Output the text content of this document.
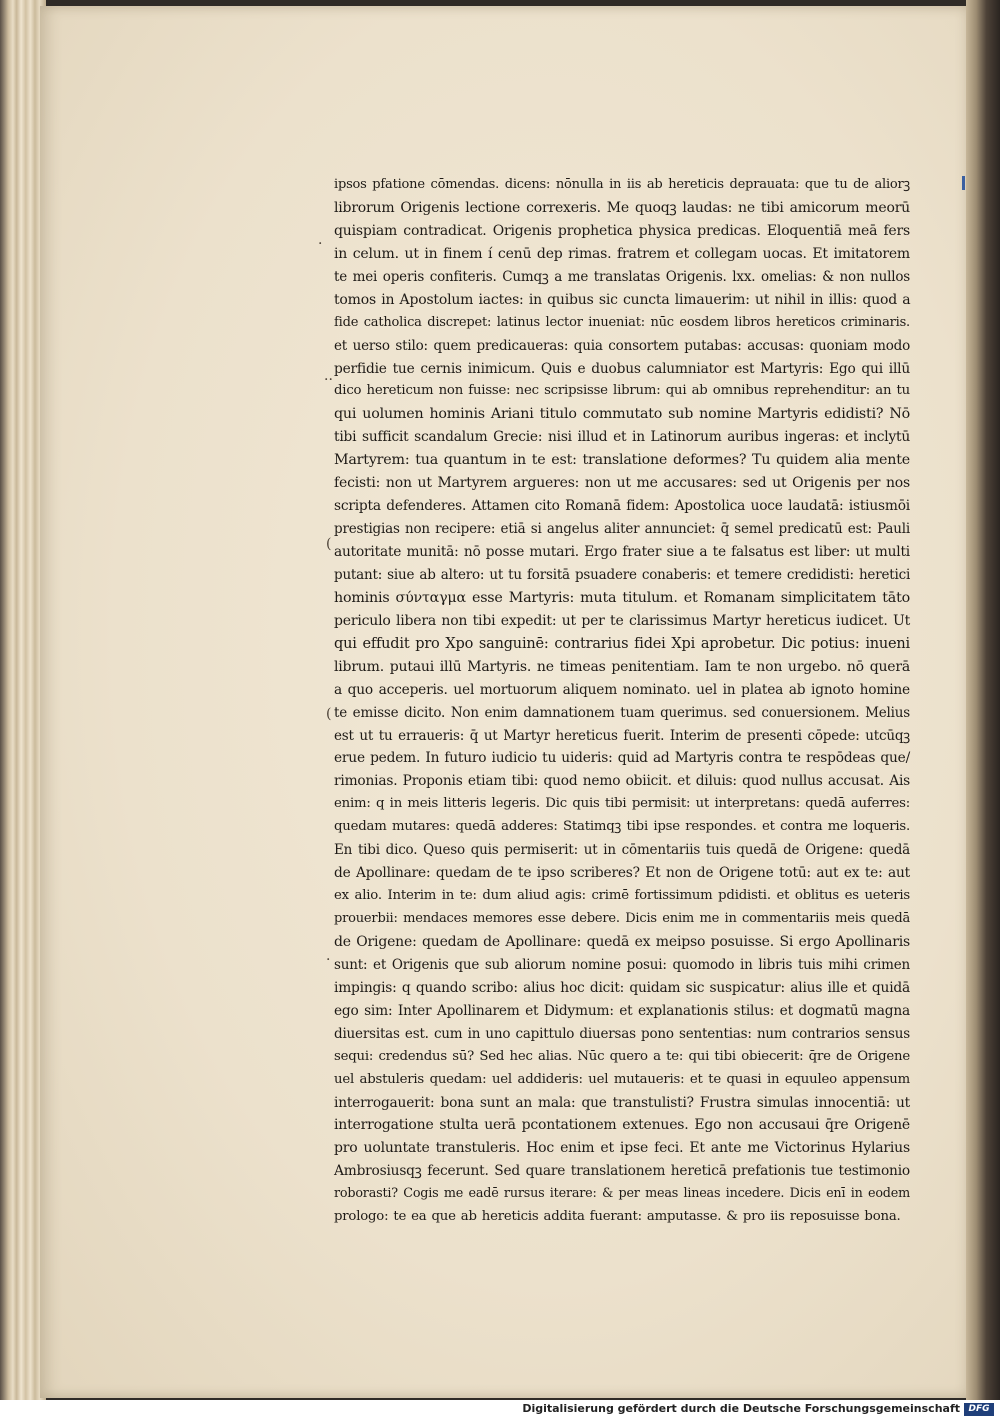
·
··
(
(
·
ipsos pfatione cōmendas. dicens: nōnulla in iis ab hereticis deprauata: que tu de aliorꝫ
librorum Origenis lectione correxeris. Me quoqꝫ laudas: ne tibi amicorum meorū
quispiam contradicat. Origenis prophetica physica predicas. Eloquentiā meā fers
in celum. ut in finem í cenū dep rimas. fratrem et collegam uocas. Et imitatorem
te mei operis confiteris. Cumqꝫ a me translatas Origenis. lxx. omelias: & non nullos
tomos in Apostolum iactes: in quibus sic cuncta limauerim: ut nihil in illis: quod a
fide catholica discrepet: latinus lector inueniat: nūc eosdem libros hereticos criminaris.
et uerso stilo: quem predicaueras: quia consortem putabas: accusas: quoniam modo
perfidie tue cernis inimicum. Quis e duobus calumniator est Martyris: Ego qui illū
dico hereticum non fuisse: nec scripsisse librum: qui ab omnibus reprehenditur: an tu
qui uolumen hominis Ariani titulo commutato sub nomine Martyris edidisti? Nō
tibi sufficit scandalum Grecie: nisi illud et in Latinorum auribus ingeras: et inclytū
Martyrem: tua quantum in te est: translatione deformes? Tu quidem alia mente
fecisti: non ut Martyrem argueres: non ut me accusares: sed ut Origenis per nos
scripta defenderes. Attamen cito Romanā fidem: Apostolica uoce laudatā: istiusmōi
prestigias non recipere: etiā si angelus aliter annunciet: q̄ semel predicatū est: Pauli
autoritate munitā: nō posse mutari. Ergo frater siue a te falsatus est liber: ut multi
putant: siue ab altero: ut tu forsitā psuadere conaberis: et temere credidisti: heretici
hominis σύνταγμα esse Martyris: muta titulum. et Romanam simplicitatem tāto
periculo libera non tibi expedit: ut per te clarissimus Martyr hereticus iudicet. Ut
qui effudit pro Xpo sanguinē: contrarius fidei Xpi aprobetur. Dic potius: inueni
librum. putaui illū Martyris. ne timeas penitentiam. Iam te non urgebo. nō querā
a quo acceperis. uel mortuorum aliquem nominato. uel in platea ab ignoto homine
te emisse dicito. Non enim damnationem tuam querimus. sed conuersionem. Melius
est ut tu erraueris: q̄ ut Martyr hereticus fuerit. Interim de presenti cōpede: utcūqꝫ
erue pedem. In futuro iudicio tu uideris: quid ad Martyris contra te respōdeas que/
rimonias. Proponis etiam tibi: quod nemo obiicit. et diluis: quod nullus accusat. Ais
enim: q in meis litteris legeris. Dic quis tibi permisit: ut interpretans: quedā auferres:
quedam mutares: quedā adderes: Statimqꝫ tibi ipse respondes. et contra me loqueris.
En tibi dico. Queso quis permiserit: ut in cōmentariis tuis quedā de Origene: quedā
de Apollinare: quedam de te ipso scriberes? Et non de Origene totū: aut ex te: aut
ex alio. Interim in te: dum aliud agis: crimē fortissimum pdidisti. et oblitus es ueteris
prouerbii: mendaces memores esse debere. Dicis enim me in commentariis meis quedā
de Origene: quedam de Apollinare: quedā ex meipso posuisse. Si ergo Apollinaris
sunt: et Origenis que sub aliorum nomine posui: quomodo in libris tuis mihi crimen
impingis: q quando scribo: alius hoc dicit: quidam sic suspicatur: alius ille et quidā
ego sim: Inter Apollinarem et Didymum: et explanationis stilus: et dogmatū magna
diuersitas est. cum in uno capittulo diuersas pono sententias: num contrarios sensus
sequi: credendus sū? Sed hec alias. Nūc quero a te: qui tibi obiecerit: q̄re de Origene
uel abstuleris quedam: uel addideris: uel mutaueris: et te quasi in equuleo appensum
interrogauerit: bona sunt an mala: que transtulisti? Frustra simulas innocentiā: ut
interrogatione stulta uerā pcontationem extenues. Ego non accusaui q̄re Origenē
pro uoluntate transtuleris. Hoc enim et ipse feci. Et ante me Victorinus Hylarius
Ambrosiusqꝫ fecerunt. Sed quare translationem hereticā prefationis tue testimonio
roborasti? Cogis me eadē rursus iterare: & per meas lineas incedere. Dicis enī in eodem
prologo: te ea que ab hereticis addita fuerant: amputasse. & pro iis reposuisse bona.
Digitalisierung gefördert durch die Deutsche Forschungsgemeinschaft DFG
